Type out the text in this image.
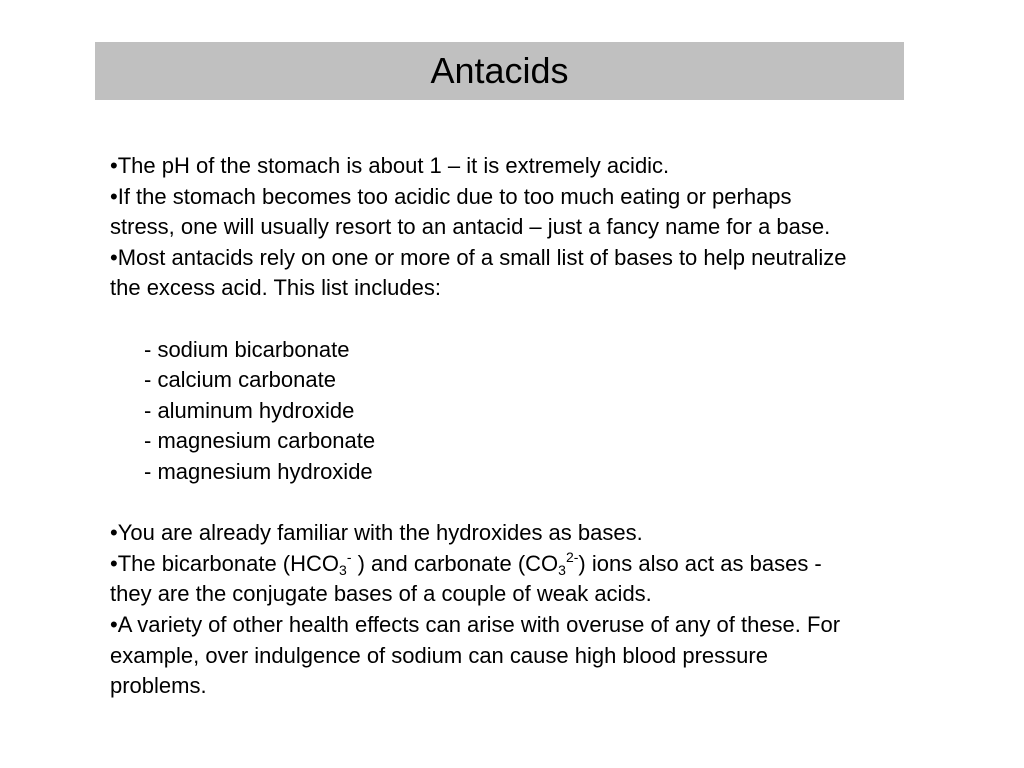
Antacids
•The pH of the stomach is about 1 – it is extremely acidic.
•If the stomach becomes too acidic due to too much eating or perhaps
stress, one will usually resort to an antacid – just a fancy name for a base.
•Most antacids rely on one or more of a small list of bases to help neutralize
the excess acid. This list includes:
- sodium bicarbonate
- calcium carbonate
- aluminum hydroxide
- magnesium carbonate
- magnesium hydroxide
•You are already familiar with the hydroxides as bases.
•The bicarbonate ($HCO_3^-$ ) and carbonate $(CO_3^{2-})$ ions also act as bases -
they are the conjugate bases of a couple of weak acids.
•A variety of other health effects can arise with overuse of any of these. For
example, over indulgence of sodium can cause high blood pressure
problems.
